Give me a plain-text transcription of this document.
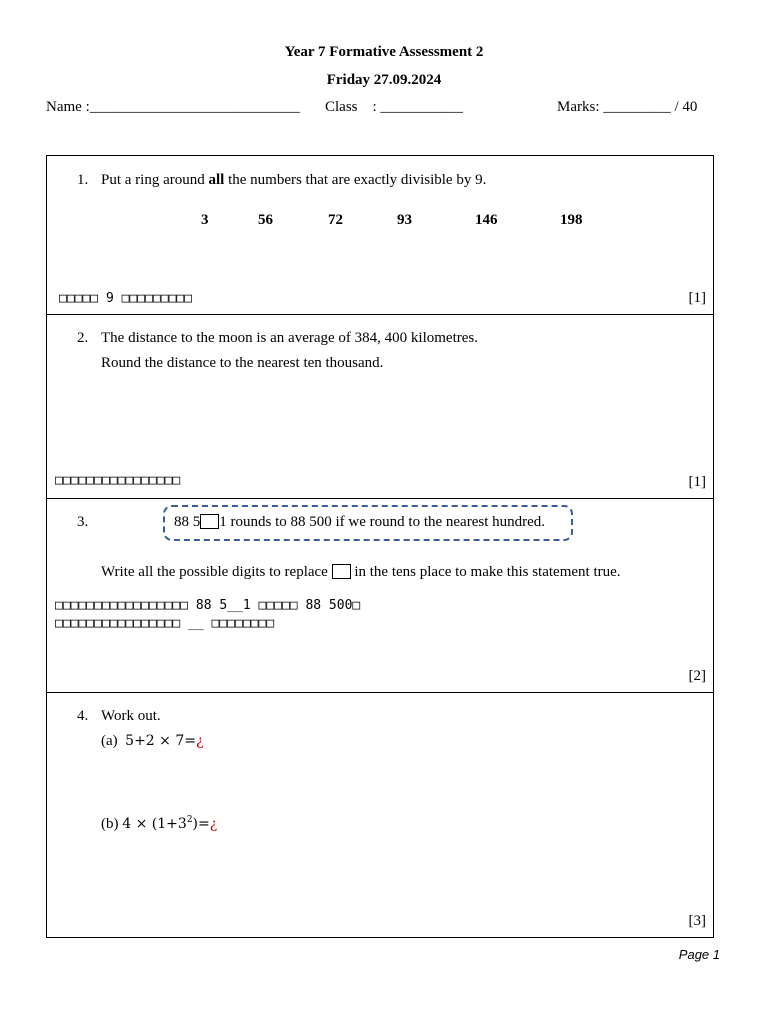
Year 7 Formative Assessment 2
Friday 27.09.2024
Name :____________________________ Class    : ___________	Marks: _________ / 40
1. Put a ring around all the numbers that are exactly divisible by 9.
3	56	72	93	146	198
□□□□□ 9 □□□□□□□□□	[1]
2. The distance to the moon is an average of 384, 400 kilometres.
Round the distance to the nearest ten thousand.
□□□□□□□□□□□□□□□□	[1]
3.	88 5 1 rounds to 88 500 if we round to the nearest hundred.
Write all the possible digits to replace  in the tens place to make this statement true.
□□□□□□□□□□□□□□□□□ 88 5__1 □□□□□ 88 500□
□□□□□□□□□□□□□□□□ __ □□□□□□□□
[2]
4. Work out.
(a) 5+2 × 7=¿
(b) $4 \times (1+3^2)=¿$
[3]
Page 1
